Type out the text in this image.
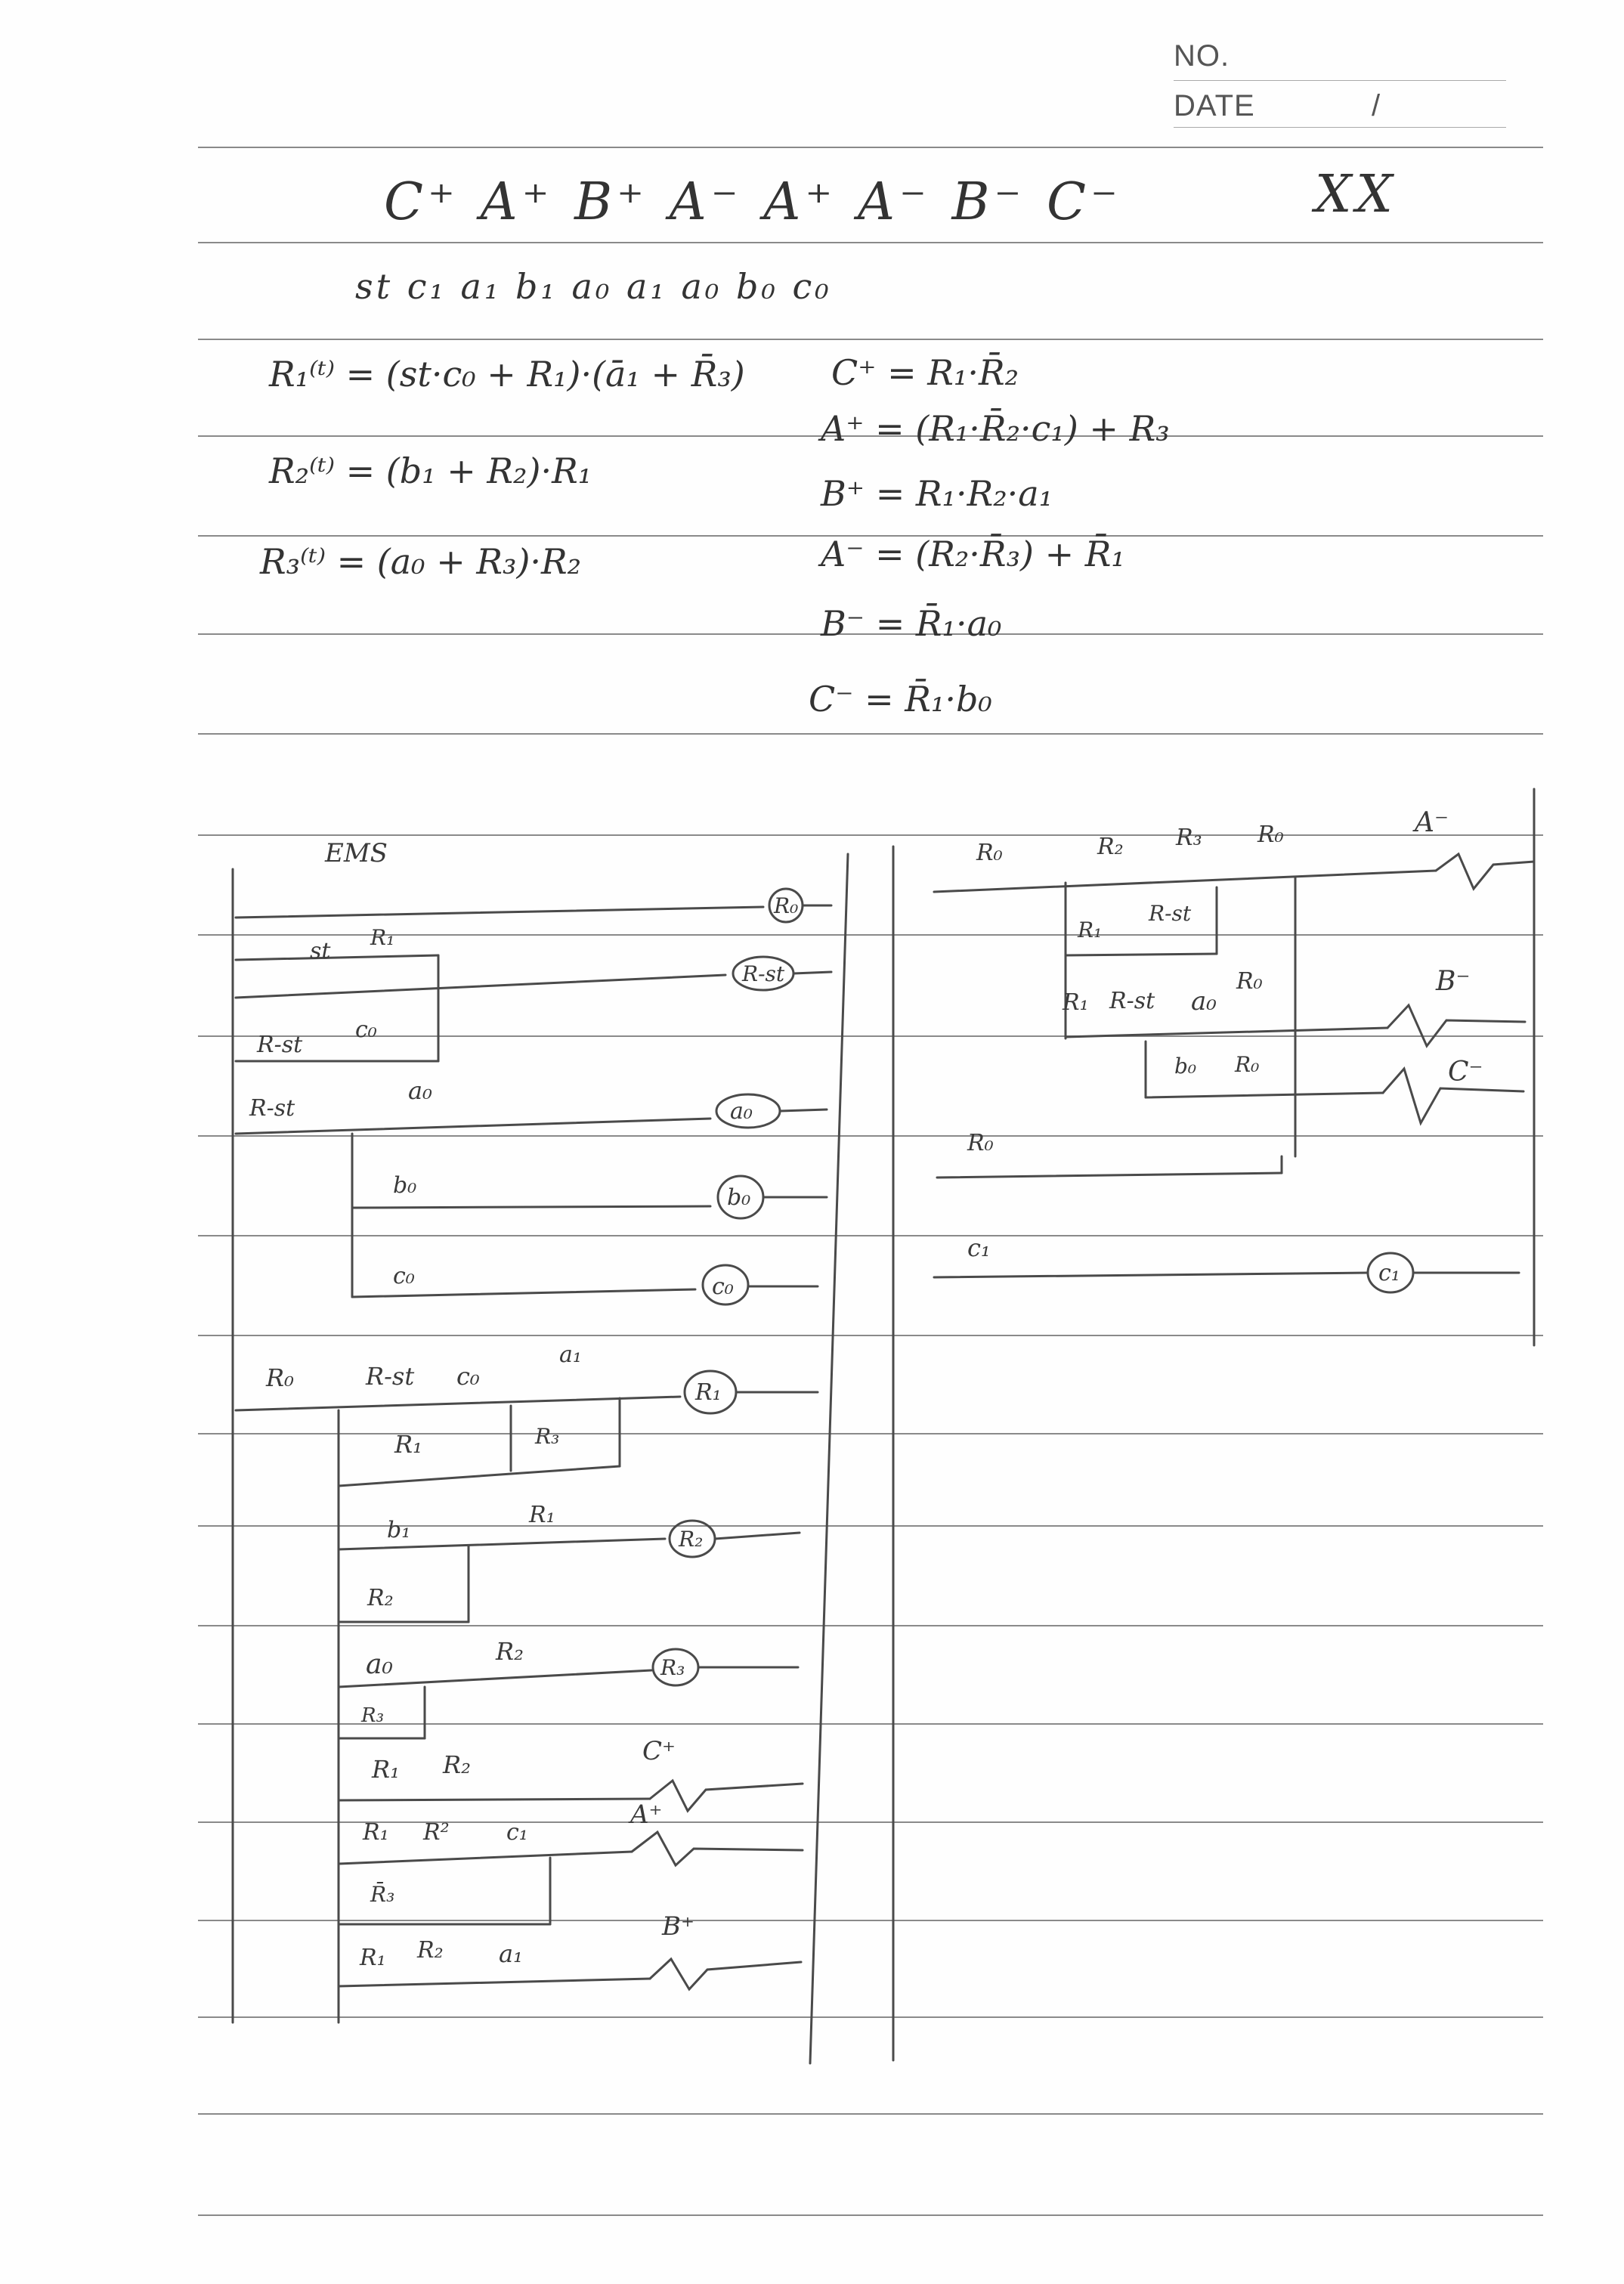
NO.
DATE	/
C⁺ A⁺ B⁺ A⁻ A⁺ A⁻ B⁻ C⁻
st c₁ a₁ b₁ a₀ a₁ a₀ b₀ c₀
XX
R₁⁽ᵗ⁾ = (st·c₀ + R₁)·(ā₁ + R̄₃)
R₂⁽ᵗ⁾ = (b₁ + R₂)·R₁
R₃⁽ᵗ⁾ = (a₀ + R₃)·R₂
C⁺ = R₁·R̄₂
A⁺ = (R₁·R̄₂·c₁) + R₃
B⁺ = R₁·R₂·a₁
A⁻ = (R₂·R̄₃) + R̄₁
B⁻ = R̄₁·a₀
C⁻ = R̄₁·b₀
EMS
st
R₁
R-st
c₀
R-st
a₀
b₀
c₀
R₀	R-st c₀
a₁
R₁	R₃
b₁
R₁
R₂
a₀	R₂
R₃
R₁ R₂
R₁ R²	c₁
R̄₃
R₁ R₂ a₁
R₀
R-st
a₀
b₀
c₀
R₁
R₂
R₃
C⁺
A⁺
B⁺
R₀	R₂ R₃ R₀
R₁
R-st
R₁ R-st a₀
R₀
b₀ R₀
R₀
c₁
A⁻
B⁻
C⁻
c₁
